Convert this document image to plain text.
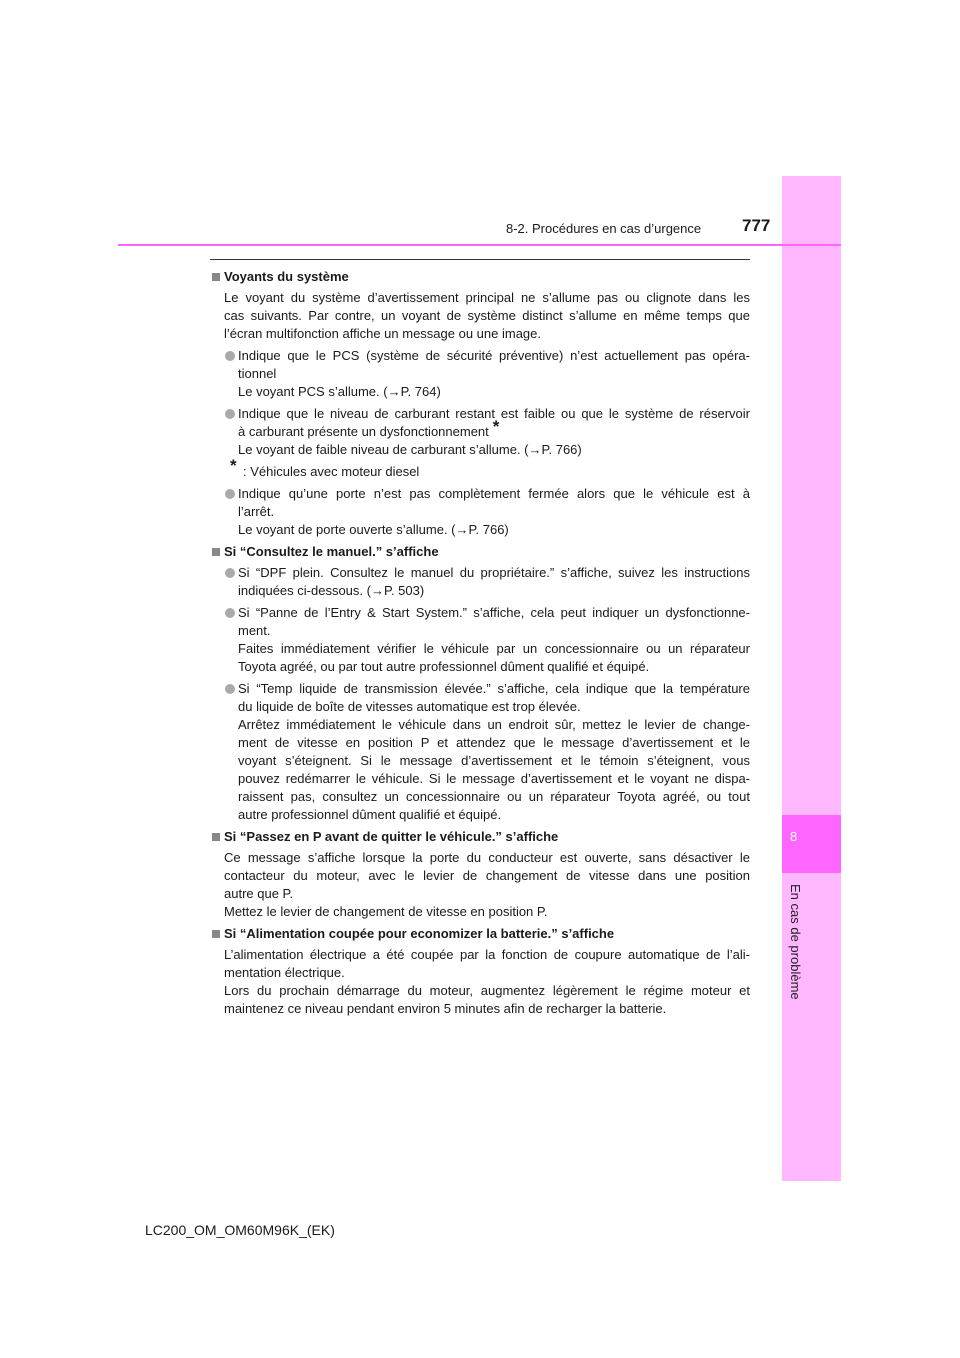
8
En cas de problème
8-2. Procédures en cas d’urgence 777
Voyants du système
Le voyant du système d’avertissement principal ne s’allume pas ou clignote dans les
cas suivants. Par contre, un voyant de système distinct s’allume en même temps que
l’écran multifonction affiche un message ou une image.
Indique que le PCS (système de sécurité préventive) n’est actuellement pas opéra-
tionnel
Le voyant PCS s’allume. (→P. 764)
Indique que le niveau de carburant restant est faible ou que le système de réservoir
à carburant présente un dysfonctionnement *
Le voyant de faible niveau de carburant s’allume. (→P. 766)
* : Véhicules avec moteur diesel
Indique qu’une porte n’est pas complètement fermée alors que le véhicule est à
l’arrêt.
Le voyant de porte ouverte s’allume. (→P. 766)
Si “Consultez le manuel.” s’affiche
Si “DPF plein. Consultez le manuel du propriétaire.” s’affiche, suivez les instructions
indiquées ci-dessous. (→P. 503)
Si “Panne de l’Entry & Start System.” s’affiche, cela peut indiquer un dysfonctionne-
ment.
Faites immédiatement vérifier le véhicule par un concessionnaire ou un réparateur
Toyota agréé, ou par tout autre professionnel dûment qualifié et équipé.
Si “Temp liquide de transmission élevée.” s’affiche, cela indique que la température
du liquide de boîte de vitesses automatique est trop élevée.
Arrêtez immédiatement le véhicule dans un endroit sûr, mettez le levier de change-
ment de vitesse en position P et attendez que le message d’avertissement et le
voyant s’éteignent. Si le message d’avertissement et le témoin s’éteignent, vous
pouvez redémarrer le véhicule. Si le message d’avertissement et le voyant ne dispa-
raissent pas, consultez un concessionnaire ou un réparateur Toyota agréé, ou tout
autre professionnel dûment qualifié et équipé.
Si “Passez en P avant de quitter le véhicule.” s’affiche
Ce message s’affiche lorsque la porte du conducteur est ouverte, sans désactiver le
contacteur du moteur, avec le levier de changement de vitesse dans une position
autre que P.
Mettez le levier de changement de vitesse en position P.
Si “Alimentation coupée pour economizer la batterie.” s’affiche
L’alimentation électrique a été coupée par la fonction de coupure automatique de l’ali-
mentation électrique.
Lors du prochain démarrage du moteur, augmentez légèrement le régime moteur et
maintenez ce niveau pendant environ 5 minutes afin de recharger la batterie.
LC200_OM_OM60M96K_(EK)
